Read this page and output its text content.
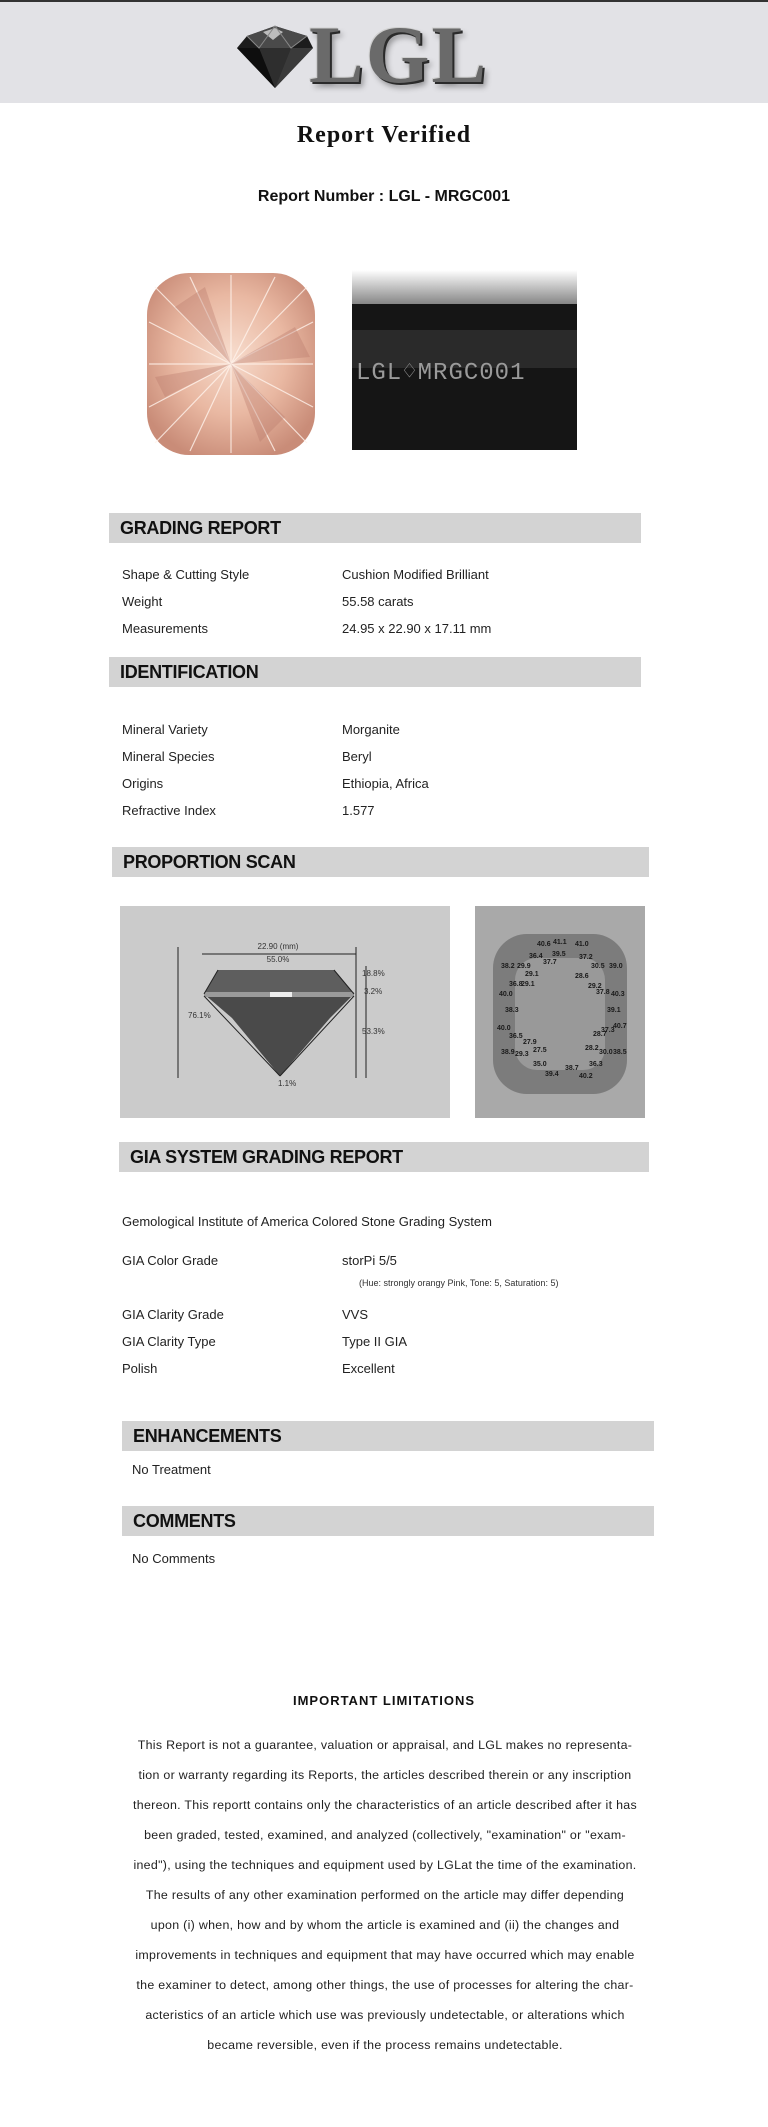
LGL
Report Verified
Report Number : LGL - MRGC001
LGL♢MRGC001
GRADING REPORT
Shape & Cutting Style	Cushion Modified Brilliant
Weight	55.58 carats
Measurements	24.95 x 22.90 x 17.11 mm
IDENTIFICATION
Mineral Variety	Morganite
Mineral Species	Beryl
Origins	Ethiopia, Africa
Refractive Index	1.577
PROPORTION SCAN
22.90 (mm)
55.0%
18.8%
3.2%
76.1%
53.3%
1.1%
40.6 41.1 41.0
36.4 39.5 37.2
38.2 29.9
37.7
30.5 39.0
29.1	28.6
36.8
29.1	29.2
40.0	37.8 40.3
38.3	39.1
40.0	40.7
36.5	28.7
37.3
27.9
28.2
38.9 29.3
27.5	30.0 38.5
35.0	36.3
38.7
39.4	40.2
GIA SYSTEM GRADING REPORT
Gemological Institute of America Colored Stone Grading System
GIA Color Grade	storPi 5/5
(Hue: strongly orangy Pink, Tone: 5, Saturation: 5)
GIA Clarity Grade	VVS
GIA Clarity Type	Type II GIA
Polish	Excellent
ENHANCEMENTS
No Treatment
COMMENTS
No Comments
IMPORTANT LIMITATIONS
This Report is not a guarantee, valuation or appraisal, and LGL makes no representa-
tion or warranty regarding its Reports, the articles described therein or any inscription
thereon. This reportt contains only the characteristics of an article described after it has
been graded, tested, examined, and analyzed (collectively, "examination" or "exam-
ined"), using the techniques and equipment used by LGLat the time of the examination.
The results of any other examination performed on the article may differ depending
upon (i) when, how and by whom the article is examined and (ii) the changes and
improvements in techniques and equipment that may have occurred which may enable
the examiner to detect, among other things, the use of processes for altering the char-
acteristics of an article which use was previously undetectable, or alterations which
became reversible, even if the process remains undetectable.
